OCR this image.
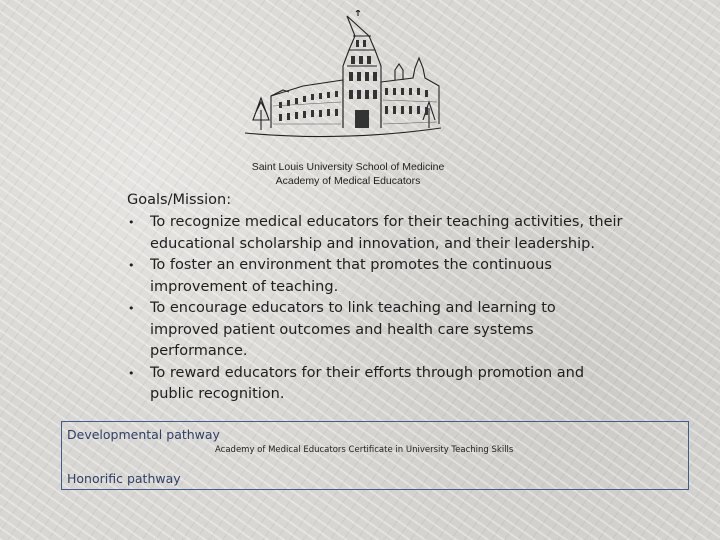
Saint Louis University School of Medicine
Academy of Medical Educators
Goals/Mission:
• To recognize medical educators for their teaching activities, their
educational scholarship and innovation, and their leadership.
• To foster an environment that promotes the continuous
improvement of teaching.
• To encourage educators to link teaching and learning to
improved patient outcomes and health care systems
performance.
• To reward educators for their efforts through promotion and
public recognition.
Developmental pathway
Academy of Medical Educators Certificate in University Teaching Skills
Honorific pathway
